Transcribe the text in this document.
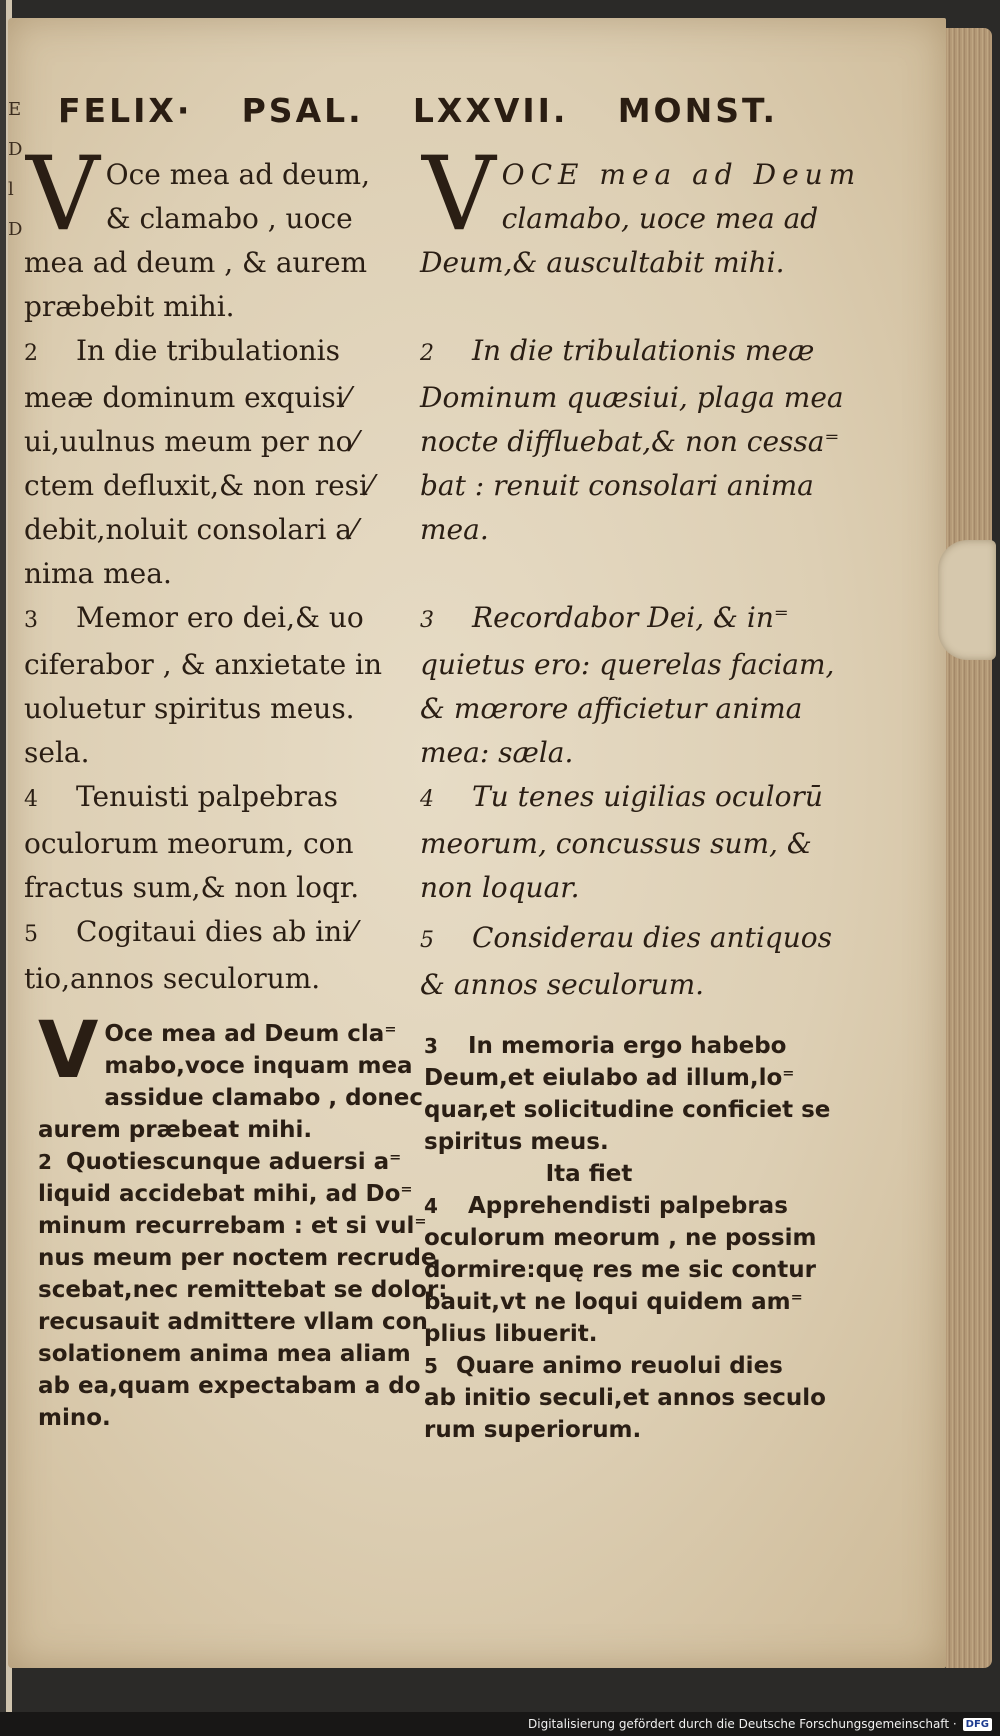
E
D
l
D
FELIX· PSAL. LXXVII. MONST.
V Oce mea ad deum,
& clamabo , uoce
mea ad deum , & aurem
præbebit mihi.

2 In die tribulationis
meæ dominum exquisi⁄
ui,uulnus meum per no⁄
ctem defluxit,& non resi⁄
debit,noluit consolari a⁄
nima mea.

3 Memor ero dei,& uo
ciferabor , & anxietate in
uoluetur spiritus meus.
sela.

4 Tenuisti palpebras
oculorum meorum, con
fractus sum,& non loqr.

5 Cogitaui dies ab ini⁄
tio,annos seculorum.

V OCE mea ad Deum
clamabo, uoce mea ad
Deum,& auscultabit mihi.

2 In die tribulationis meæ
Dominum quæsiui, plaga mea
nocte diffluebat,& non cessa⁼
bat : renuit consolari anima
mea.

3 Recordabor Dei, & in⁼
quietus ero: querelas faciam,
& mœrore afficietur anima
mea: sæla.

4 Tu tenes uigilias oculorū
meorum, concussus sum, &
non loquar.

5 Considerau dies antiquos
& annos seculorum.

V Oce mea ad Deum cla⁼
mabo,voce inquam mea
assidue clamabo , donec
aurem præbeat mihi.

2 Quotiescunque aduersi a⁼
liquid accidebat mihi, ad Do⁼
minum recurrebam : et si vul⁼
nus meum per noctem recrude
scebat,nec remittebat se dolor:
recusauit admittere vllam con
solationem anima mea aliam
ab ea,quam expectabam a do
mino.

3 In memoria ergo habebo
Deum,et eiulabo ad illum,lo⁼
quar,et solicitudine conficiet se
spiritus meus.

Ita fiet

4 Apprehendisti palpebras
oculorum meorum , ne possim
dormire:quę res me sic contur
bauit,vt ne loqui quidem am⁼
plius libuerit.

5 Quare animo reuolui dies
ab initio seculi,et annos seculo
rum superiorum.

Digitalisierung gefördert durch die Deutsche Forschungsgemeinschaft · DFG
